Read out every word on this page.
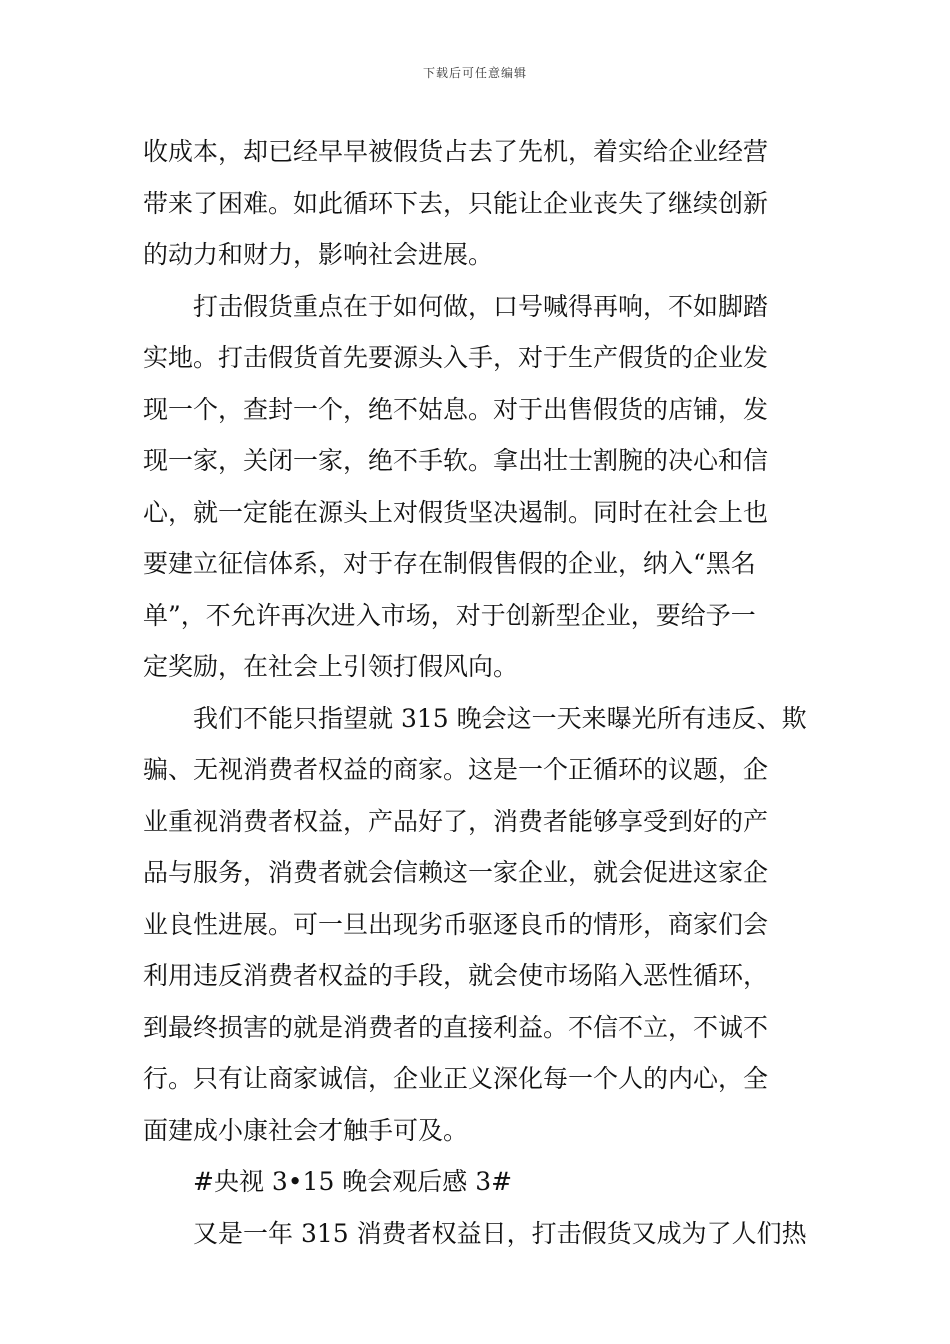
下载后可任意编辑
收成本，却已经早早被假货占去了先机，着实给企业经营
带来了困难。如此循环下去，只能让企业丧失了继续创新
的动力和财力，影响社会进展。
打击假货重点在于如何做，口号喊得再响，不如脚踏
实地。打击假货首先要源头入手，对于生产假货的企业发
现一个，查封一个，绝不姑息。对于出售假货的店铺，发
现一家，关闭一家，绝不手软。拿出壮士割腕的决心和信
心，就一定能在源头上对假货坚决遏制。同时在社会上也
要建立征信体系，对于存在制假售假的企业，纳入“黑名
单”，不允许再次进入市场，对于创新型企业，要给予一
定奖励，在社会上引领打假风向。
我们不能只指望就 315 晚会这一天来曝光所有违反、欺
骗、无视消费者权益的商家。这是一个正循环的议题，企
业重视消费者权益，产品好了，消费者能够享受到好的产
品与服务，消费者就会信赖这一家企业，就会促进这家企
业良性进展。可一旦出现劣币驱逐良币的情形，商家们会
利用违反消费者权益的手段，就会使市场陷入恶性循环，
到最终损害的就是消费者的直接利益。不信不立，不诚不
行。只有让商家诚信，企业正义深化每一个人的内心，全
面建成小康社会才触手可及。
#央视 3•15 晚会观后感 3#
又是一年 315 消费者权益日，打击假货又成为了人们热
